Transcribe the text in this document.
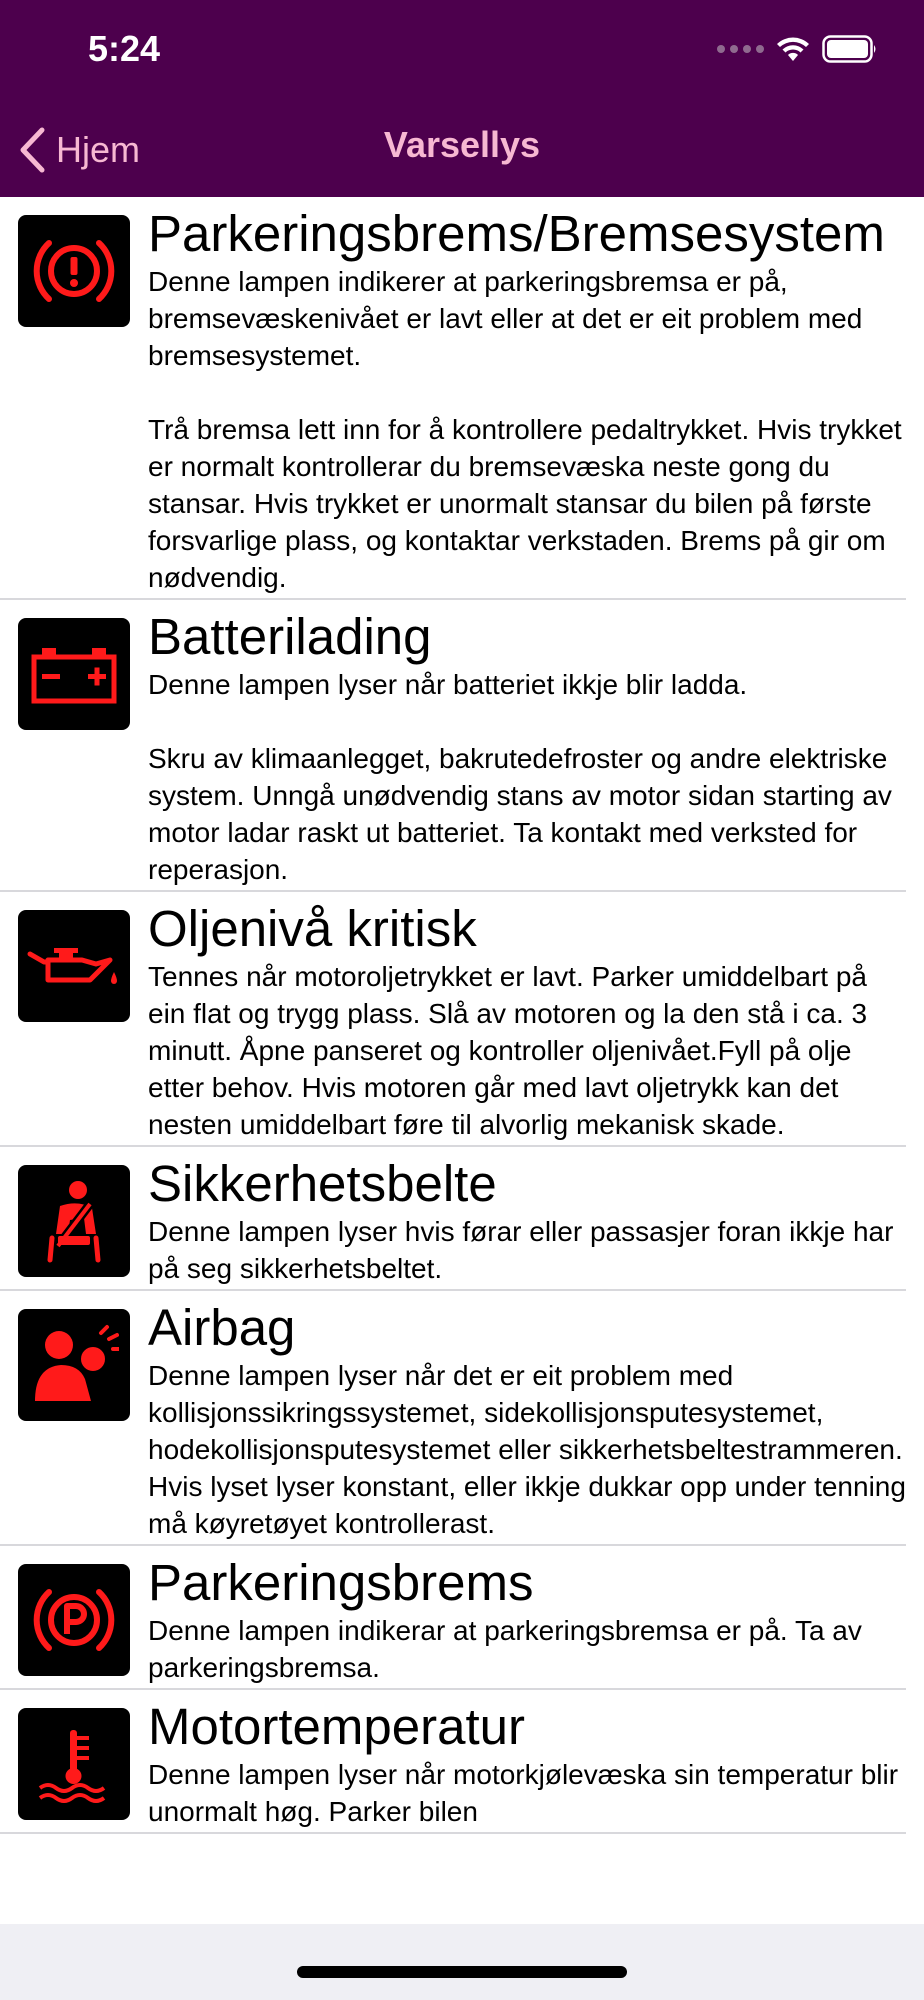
5:24
Hjem	Varsellys
Parkeringsbrems/Bremsesystem
Denne lampen indikerer at parkeringsbremsa er på, bremsevæskenivået er lavt eller at det er eit problem med bremsesystemet.

Trå bremsa lett inn for å kontrollere pedaltrykket. Hvis trykket er normalt kontrollerar du bremsevæska neste gong du stansar. Hvis trykket er unormalt stansar du bilen på første forsvarlige plass, og kontaktar verkstaden. Brems på gir om nødvendig.
Batterilading
Denne lampen lyser når batteriet ikkje blir ladda.

Skru av klimaanlegget, bakrutedefroster og andre elektriske system. Unngå unødvendig stans av motor sidan starting av motor ladar raskt ut batteriet. Ta kontakt med verksted for reperasjon.
Oljenivå kritisk
Tennes når motoroljetrykket er lavt. Parker umiddelbart på ein flat og trygg plass. Slå av motoren og la den stå i ca. 3 minutt. Åpne panseret og kontroller oljenivået.Fyll på olje etter behov. Hvis motoren går med lavt oljetrykk kan det nesten umiddelbart føre til alvorlig mekanisk skade.
Sikkerhetsbelte
Denne lampen lyser hvis førar eller passasjer foran ikkje har på seg sikkerhetsbeltet.
Airbag
Denne lampen lyser når det er eit problem med kollisjonssikringssystemet, sidekollisjonsputesystemet, hodekollisjonsputesystemet eller sikkerhetsbeltestrammeren. Hvis lyset lyser konstant, eller ikkje dukkar opp under tenning må køyretøyet kontrollerast.
Parkeringsbrems
Denne lampen indikerar at parkeringsbremsa er på. Ta av parkeringsbremsa.
Motortemperatur
Denne lampen lyser når motorkjølevæska sin temperatur blir unormalt høg. Parker bilen
